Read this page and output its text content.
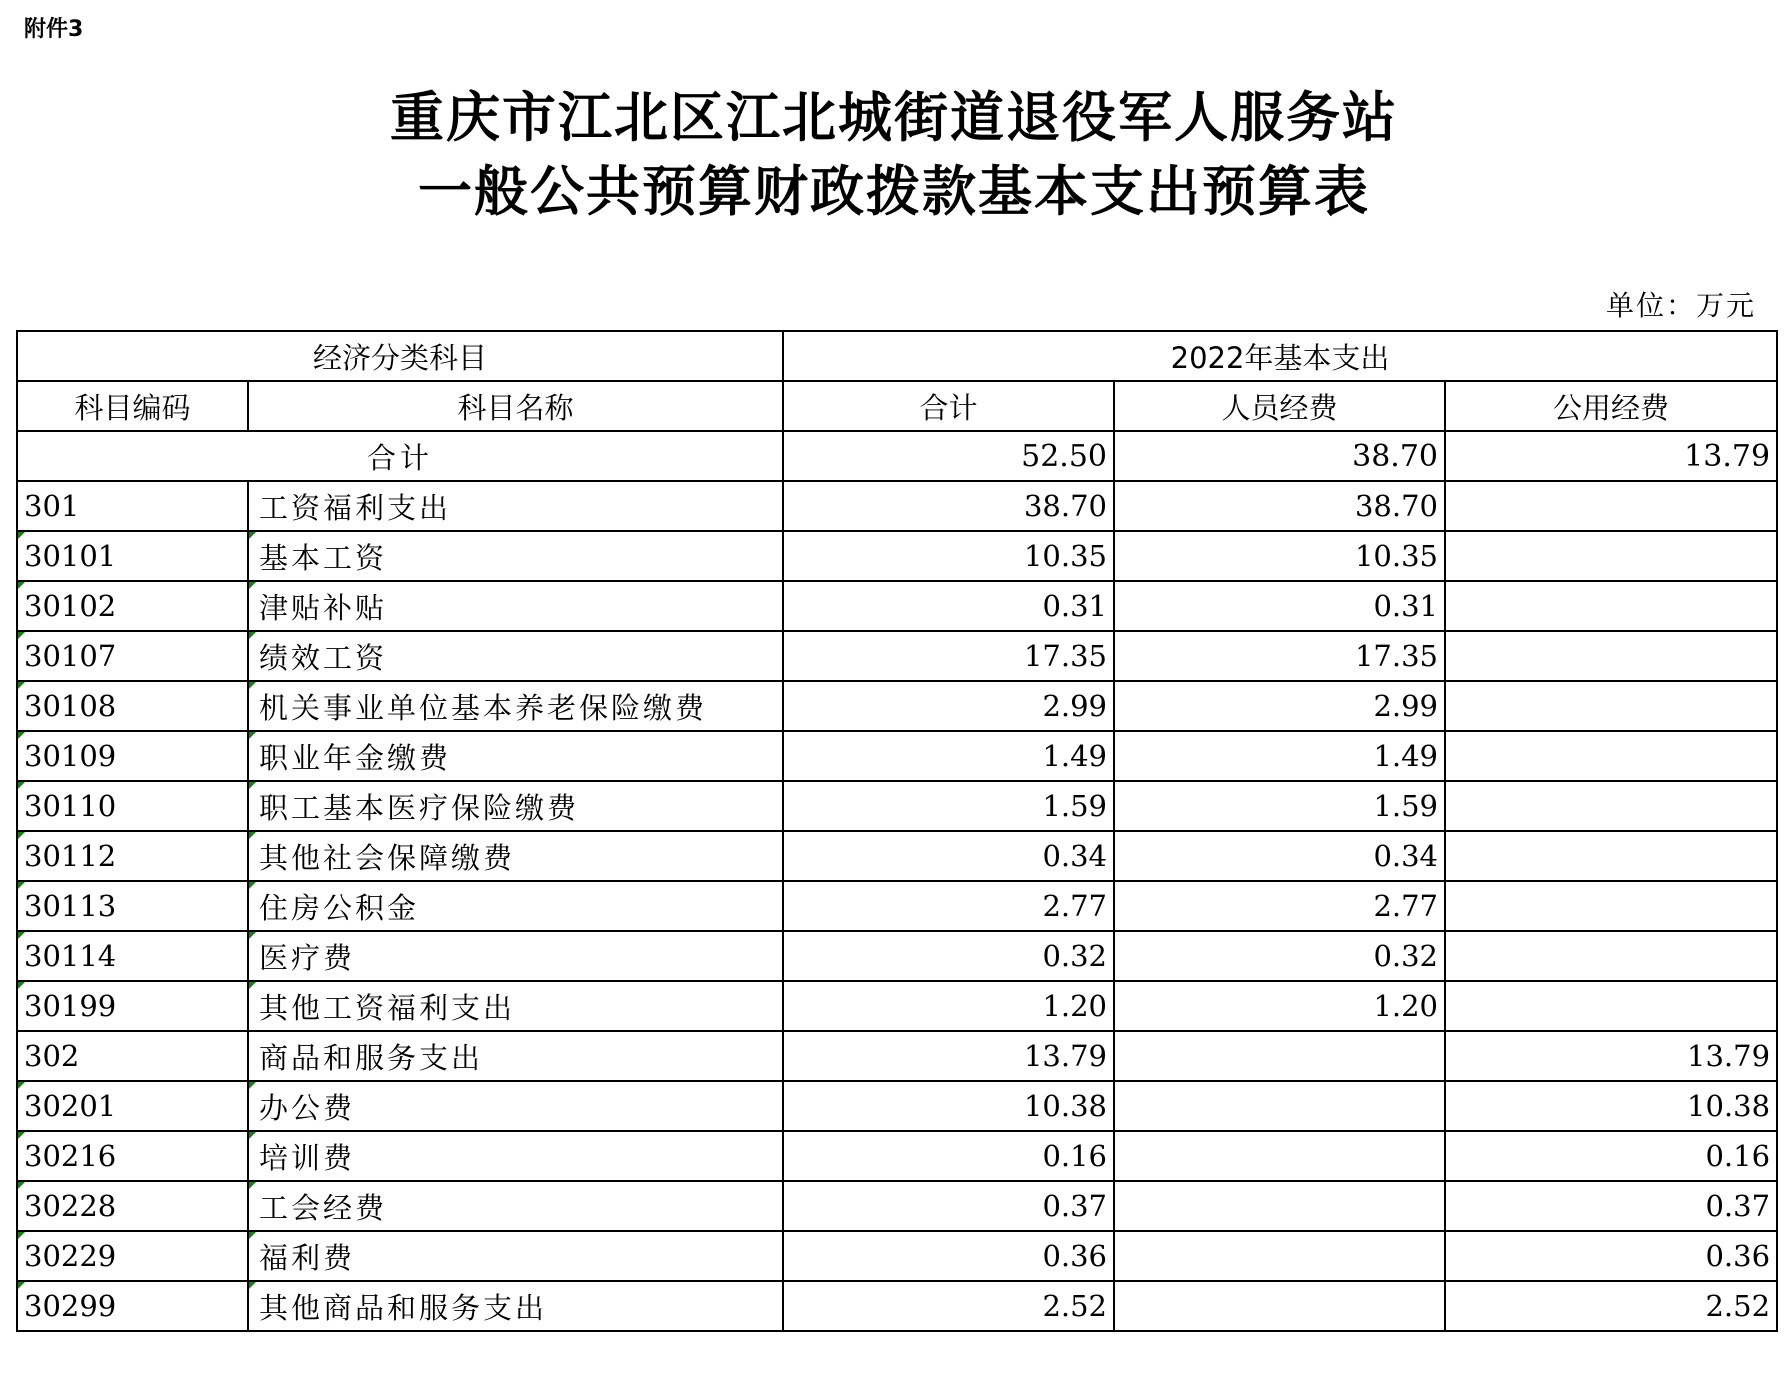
附件3
重庆市江北区江北城街道退役军人服务站
一般公共预算财政拨款基本支出预算表
单位：万元
经济分类科目		2022年基本支出		
科目编码	科目名称	合计	人员经费	公用经费
合计		52.50	38.70	13.79
301	工资福利支出	38.70	38.70	
30101	基本工资	10.35	10.35	
30102	津贴补贴	0.31	0.31	
30107	绩效工资	17.35	17.35	
30108	机关事业单位基本养老保险缴费	2.99	2.99	
30109	职业年金缴费	1.49	1.49	
30110	职工基本医疗保险缴费	1.59	1.59	
30112	其他社会保障缴费	0.34	0.34	
30113	住房公积金	2.77	2.77	
30114	医疗费	0.32	0.32	
30199	其他工资福利支出	1.20	1.20	
302	商品和服务支出	13.79		13.79
30201	办公费	10.38		10.38
30216	培训费	0.16		0.16
30228	工会经费	0.37		0.37
30229	福利费	0.36		0.36
30299	其他商品和服务支出	2.52		2.52
